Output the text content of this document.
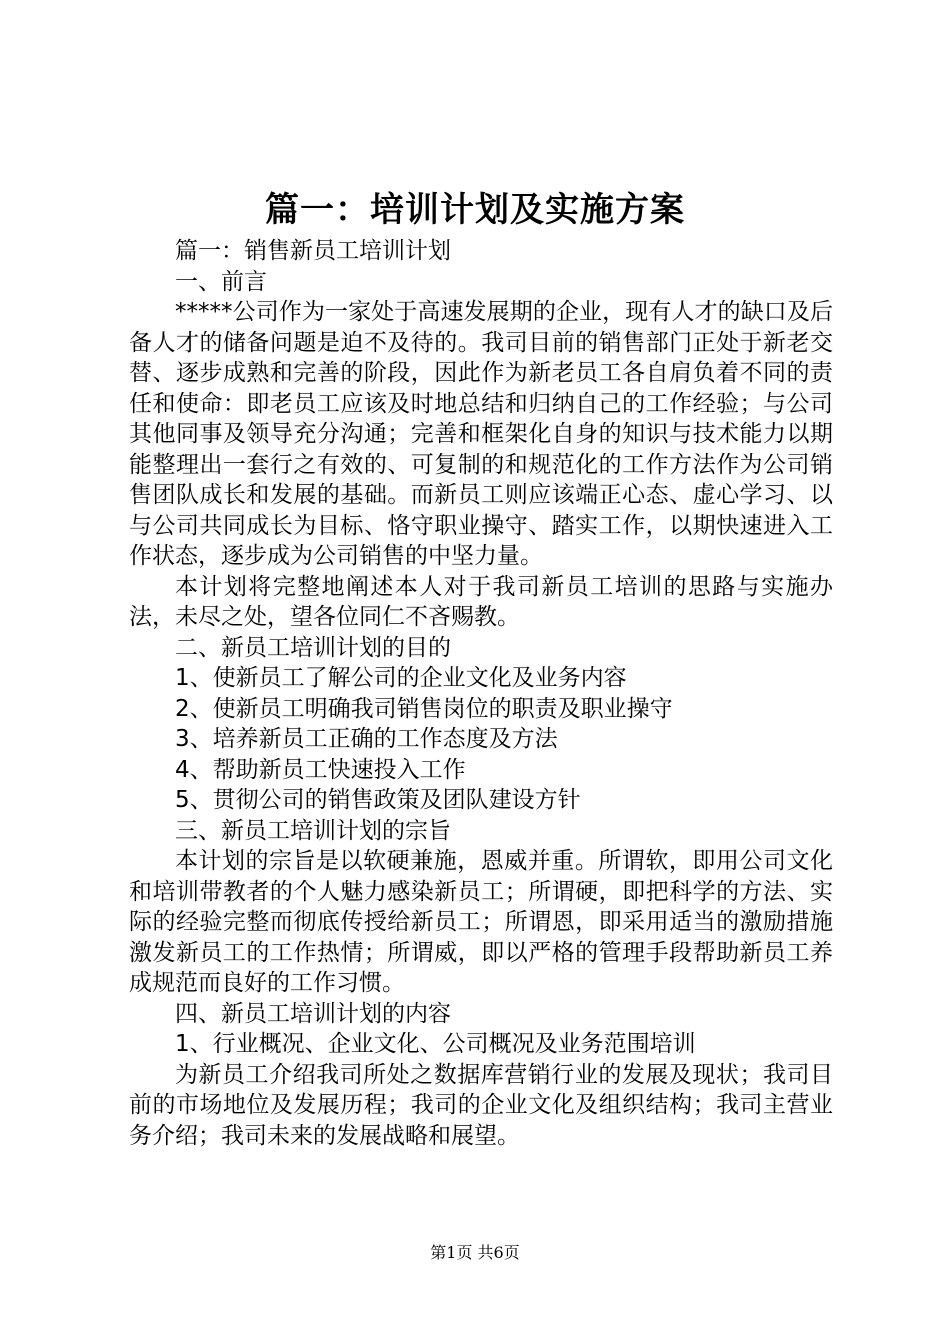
篇一：培训计划及实施方案

篇一：销售新员工培训计划

一、前言

*****公司作为一家处于高速发展期的企业，现有人才的缺口及后备人才的储备问题是迫不及待的。我司目前的销售部门正处于新老交替、逐步成熟和完善的阶段，因此作为新老员工各自肩负着不同的责任和使命：即老员工应该及时地总结和归纳自己的工作经验；与公司其他同事及领导充分沟通；完善和框架化自身的知识与技术能力以期能整理出一套行之有效的、可复制的和规范化的工作方法作为公司销售团队成长和发展的基础。而新员工则应该端正心态、虚心学习、以与公司共同成长为目标、恪守职业操守、踏实工作，以期快速进入工作状态，逐步成为公司销售的中坚力量。

本计划将完整地阐述本人对于我司新员工培训的思路与实施办法，未尽之处，望各位同仁不吝赐教。

二、新员工培训计划的目的

1、使新员工了解公司的企业文化及业务内容

2、使新员工明确我司销售岗位的职责及职业操守

3、培养新员工正确的工作态度及方法

4、帮助新员工快速投入工作

5、贯彻公司的销售政策及团队建设方针

三、新员工培训计划的宗旨

本计划的宗旨是以软硬兼施，恩威并重。所谓软，即用公司文化和培训带教者的个人魅力感染新员工；所谓硬，即把科学的方法、实际的经验完整而彻底传授给新员工；所谓恩，即采用适当的激励措施激发新员工的工作热情；所谓威，即以严格的管理手段帮助新员工养成规范而良好的工作习惯。

四、新员工培训计划的内容

1、行业概况、企业文化、公司概况及业务范围培训

为新员工介绍我司所处之数据库营销行业的发展及现状；我司目前的市场地位及发展历程；我司的企业文化及组织结构；我司主营业务介绍；我司未来的发展战略和展望。

第1页 共6页
